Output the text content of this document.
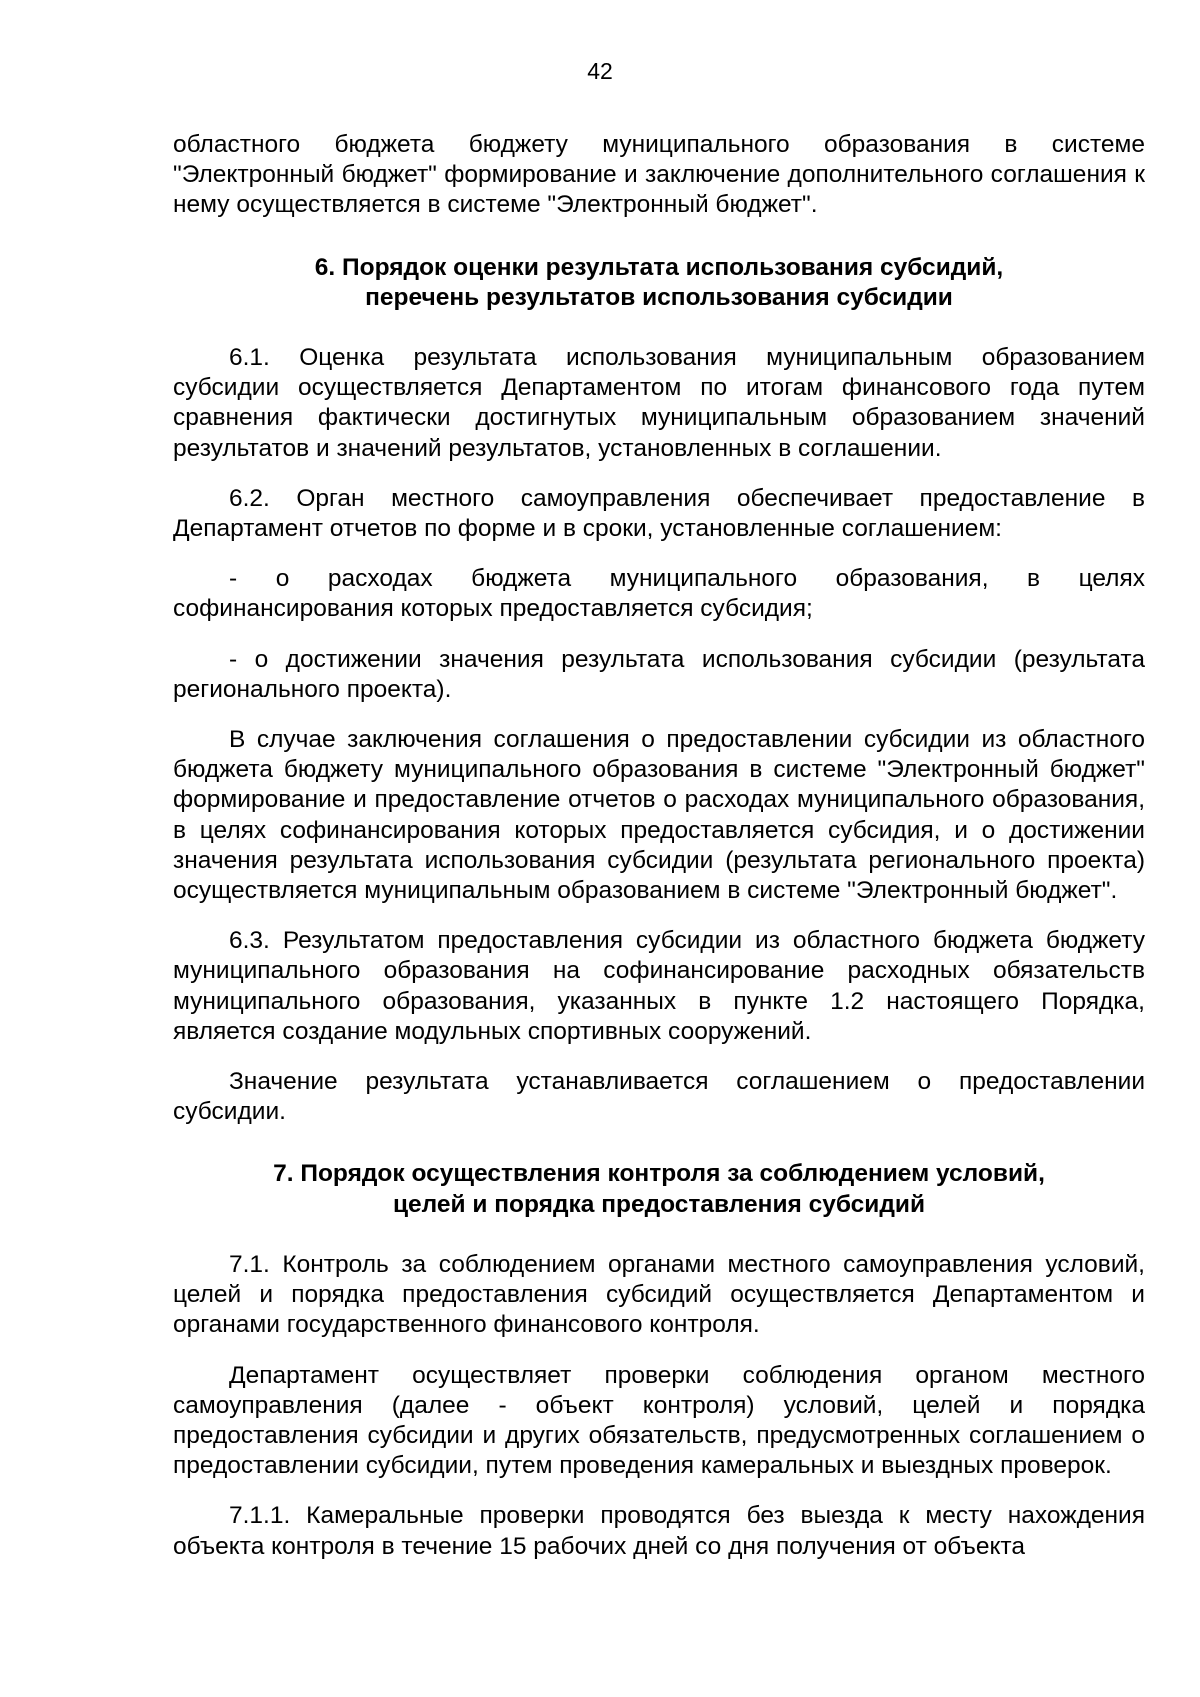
42

областного бюджета бюджету муниципального образования в системе "Электронный бюджет" формирование и заключение дополнительного соглашения к нему осуществляется в системе "Электронный бюджет".

6. Порядок оценки результата использования субсидий,
перечень результатов использования субсидии

6.1. Оценка результата использования муниципальным образованием субсидии осуществляется Департаментом по итогам финансового года путем сравнения фактически достигнутых муниципальным образованием значений результатов и значений результатов, установленных в соглашении.

6.2. Орган местного самоуправления обеспечивает предоставление в Департамент отчетов по форме и в сроки, установленные соглашением:

- о расходах бюджета муниципального образования, в целях софинансирования которых предоставляется субсидия;

- о достижении значения результата использования субсидии (результата регионального проекта).

В случае заключения соглашения о предоставлении субсидии из областного бюджета бюджету муниципального образования в системе "Электронный бюджет" формирование и предоставление отчетов о расходах муниципального образования, в целях софинансирования которых предоставляется субсидия, и о достижении значения результата использования субсидии (результата регионального проекта) осуществляется муниципальным образованием в системе "Электронный бюджет".

6.3. Результатом предоставления субсидии из областного бюджета бюджету муниципального образования на софинансирование расходных обязательств муниципального образования, указанных в пункте 1.2 настоящего Порядка, является создание модульных спортивных сооружений.

Значение результата устанавливается соглашением о предоставлении субсидии.

7. Порядок осуществления контроля за соблюдением условий,
целей и порядка предоставления субсидий

7.1. Контроль за соблюдением органами местного самоуправления условий, целей и порядка предоставления субсидий осуществляется Департаментом и органами государственного финансового контроля.

Департамент осуществляет проверки соблюдения органом местного самоуправления (далее - объект контроля) условий, целей и порядка предоставления субсидии и других обязательств, предусмотренных соглашением о предоставлении субсидии, путем проведения камеральных и выездных проверок.

7.1.1. Камеральные проверки проводятся без выезда к месту нахождения объекта контроля в течение 15 рабочих дней со дня получения от объекта
